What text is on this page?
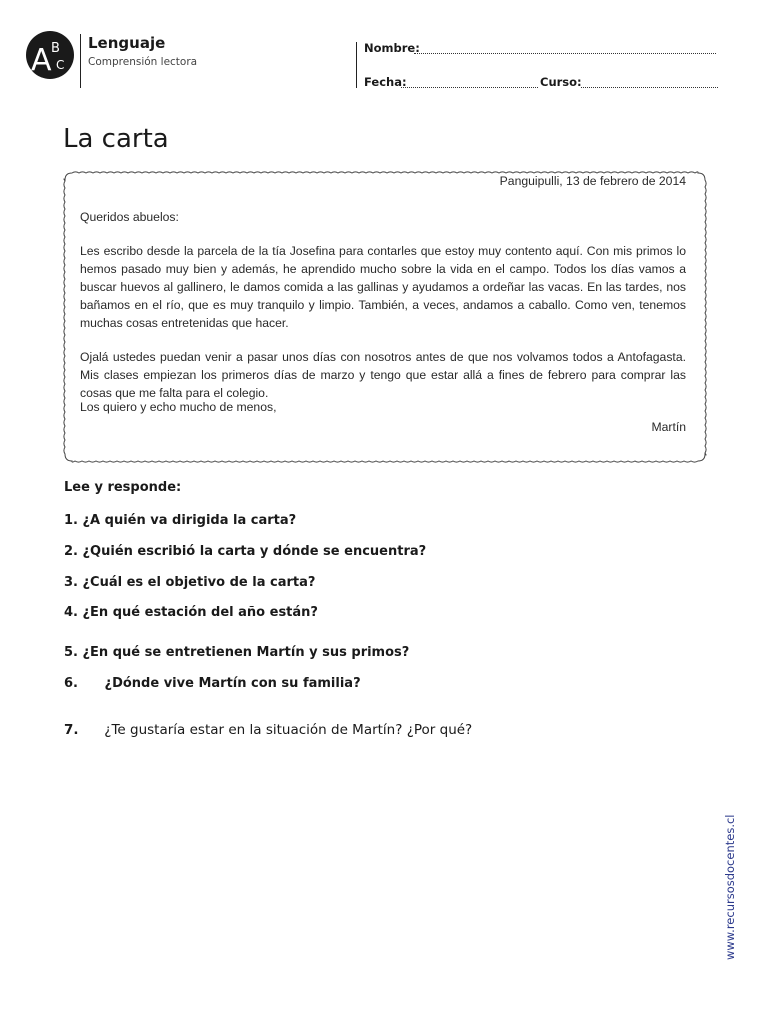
A B
C
Lenguaje
Comprensión lectora
Nombre:
Fecha:	Curso:
La carta
Panguipulli, 13 de febrero de 2014
Queridos abuelos:

Les escribo desde la parcela de la tía Josefina para contarles que estoy muy contento aquí. Con mis primos lo hemos pasado muy bien y además, he aprendido mucho sobre la vida en el campo. Todos los días vamos a buscar huevos al gallinero, le damos comida a las gallinas y ayudamos a ordeñar las vacas. En las tardes, nos bañamos en el río, que es muy tranquilo y limpio. También, a veces, andamos a caballo. Como ven, tenemos muchas cosas entretenidas que hacer.

Ojalá ustedes puedan venir a pasar unos días con nosotros antes de que nos volvamos todos a Antofagasta. Mis clases empiezan los primeros días de marzo y tengo que estar allá a fines de febrero para comprar las cosas que me falta para el colegio.

Los quiero y echo mucho de menos,

Martín
Lee y responde:
1. ¿A quién va dirigida la carta?
2. ¿Quién escribió la carta y dónde se encuentra?
3. ¿Cuál es el objetivo de la carta?
4. ¿En qué estación del año están?
5. ¿En qué se entretienen Martín y sus primos?
6. ¿Dónde vive Martín con su familia?
7. ¿Te gustaría estar en la situación de Martín? ¿Por qué?
www.recursosdocentes.cl
